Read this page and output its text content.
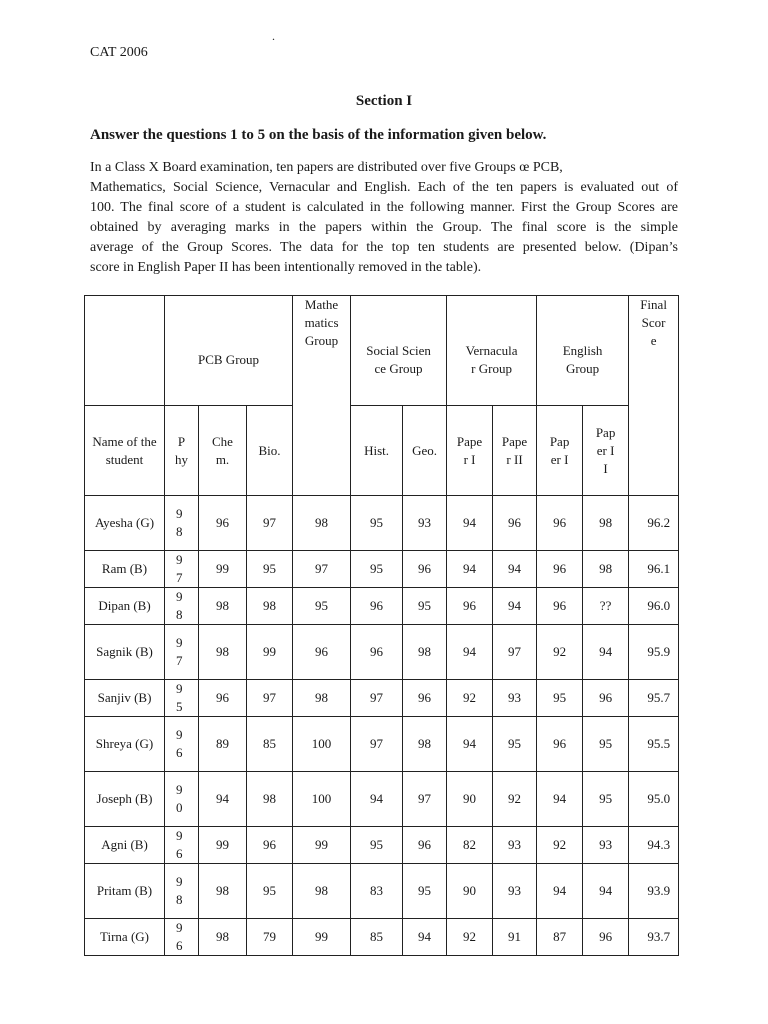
.
CAT 2006
Section I
Answer the questions 1 to 5 on the basis of the information given below.

In a Class X Board examination, ten papers are distributed over five Groups œ PCB,
Mathematics, Social Science, Vernacular and English. Each of the ten papers is evaluated out of
100. The final score of a student is calculated in the following manner. First the Group Scores are
obtained by averaging marks in the papers within the Group. The final score is the simple
average of the Group Scores. The data for the top ten students are presented below. (Dipan’s
score in English Paper II has been intentionally removed in the table).

	PCB Group			Mathe matics Group	Social Science Group		Vernacular Group		English Group		Final Score
Name of the student	Phy	Chem.	Bio.		Hist.	Geo.	Paper I	Paper II	Paper I	Paper II	
Ayesha (G)	98	96	97	98	95	93	94	96	96	98	96.2
Ram (B)	97	99	95	97	95	96	94	94	96	98	96.1
Dipan (B)	98	98	98	95	96	95	96	94	96	??	96.0
Sagnik (B)	97	98	99	96	96	98	94	97	92	94	95.9
Sanjiv (B)	95	96	97	98	97	96	92	93	95	96	95.7
Shreya (G)	96	89	85	100	97	98	94	95	96	95	95.5
Joseph (B)	90	94	98	100	94	97	90	92	94	95	95.0
Agni (B)	96	99	96	99	95	96	82	93	92	93	94.3
Pritam (B)	98	98	95	98	83	95	90	93	94	94	93.9
Tirna (G)	96	98	79	99	85	94	92	91	87	96	93.7
